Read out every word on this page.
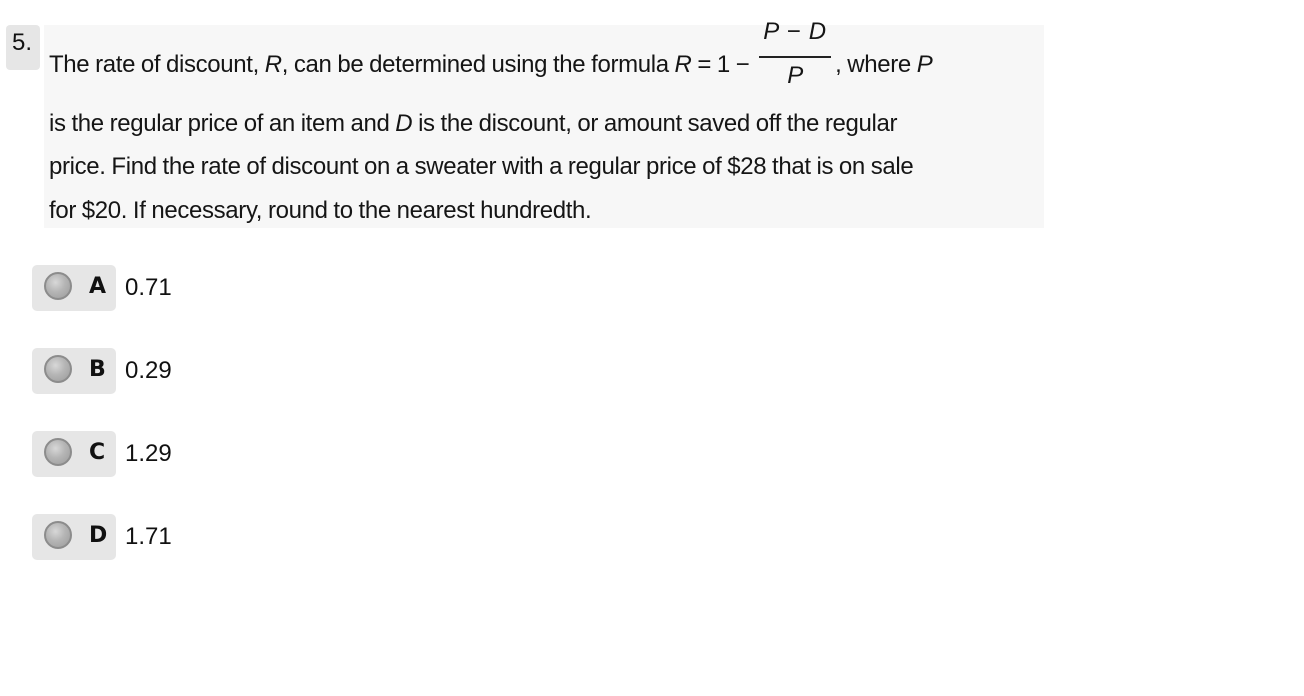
5.
The rate of discount, R, can be determined using the formula $R = 1 - \frac{P - D}{P}$ , where P
is the regular price of an item and D is the discount, or amount saved off the regular
price. Find the rate of discount on a sweater with a regular price of $28 that is on sale
for $20. If necessary, round to the nearest hundredth.
A 0.71
B 0.29
C 1.29
D 1.71
